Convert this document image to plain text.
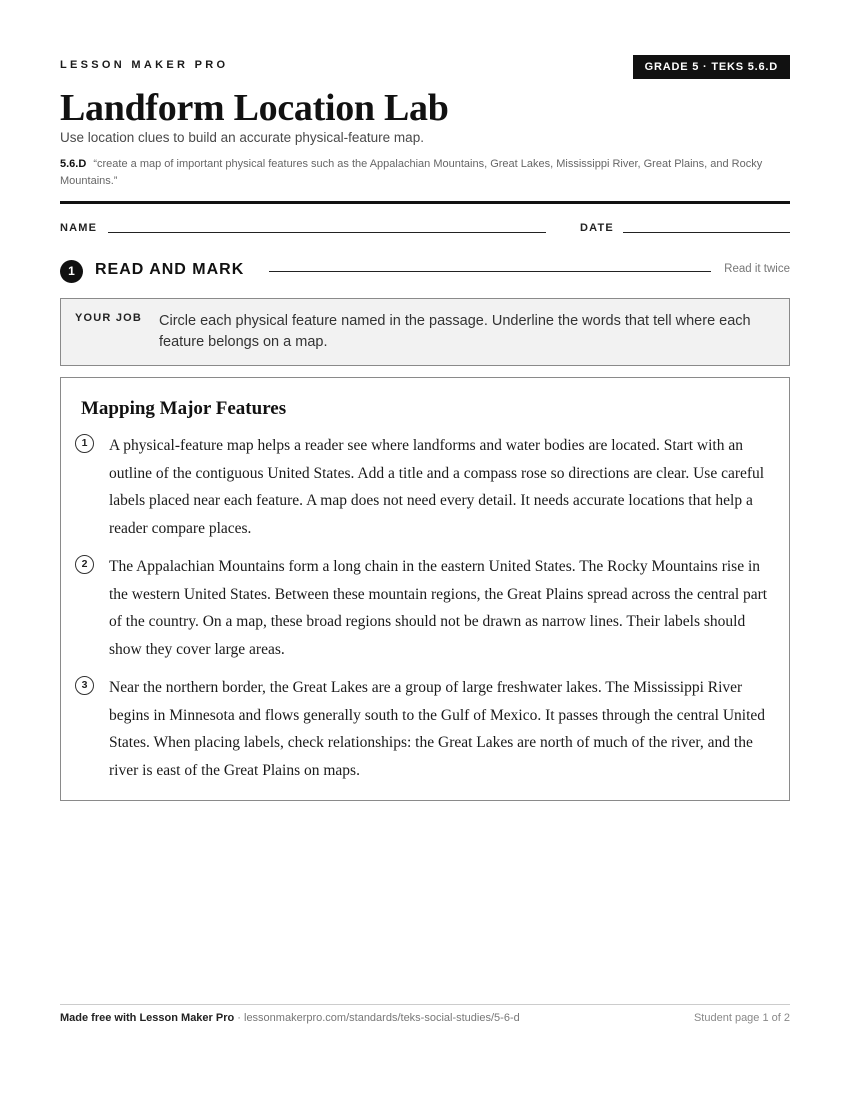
LESSON MAKER PRO	GRADE 5 · TEKS 5.6.D
Landform Location Lab
Use location clues to build an accurate physical-feature map.
5.6.D “create a map of important physical features such as the Appalachian Mountains, Great Lakes, Mississippi River, Great Plains, and Rocky Mountains.”
NAME	DATE
1	READ AND MARK	Read it twice
YOUR JOB Circle each physical feature named in the passage. Underline the words that tell where each feature belongs on a map.
Mapping Major Features
1	A physical-feature map helps a reader see where landforms and water bodies are located. Start with an outline of the contiguous United States. Add a title and a compass rose so directions are clear. Use careful labels placed near each feature. A map does not need every detail. It needs accurate locations that help a reader compare places.
2	The Appalachian Mountains form a long chain in the eastern United States. The Rocky Mountains rise in the western United States. Between these mountain regions, the Great Plains spread across the central part of the country. On a map, these broad regions should not be drawn as narrow lines. Their labels should show they cover large areas.
3	Near the northern border, the Great Lakes are a group of large freshwater lakes. The Mississippi River begins in Minnesota and flows generally south to the Gulf of Mexico. It passes through the central United States. When placing labels, check relationships: the Great Lakes are north of much of the river, and the river is east of the Great Plains on maps.
Made free with Lesson Maker Pro · lessonmakerpro.com/standards/teks-social-studies/5-6-d	Student page 1 of 2
